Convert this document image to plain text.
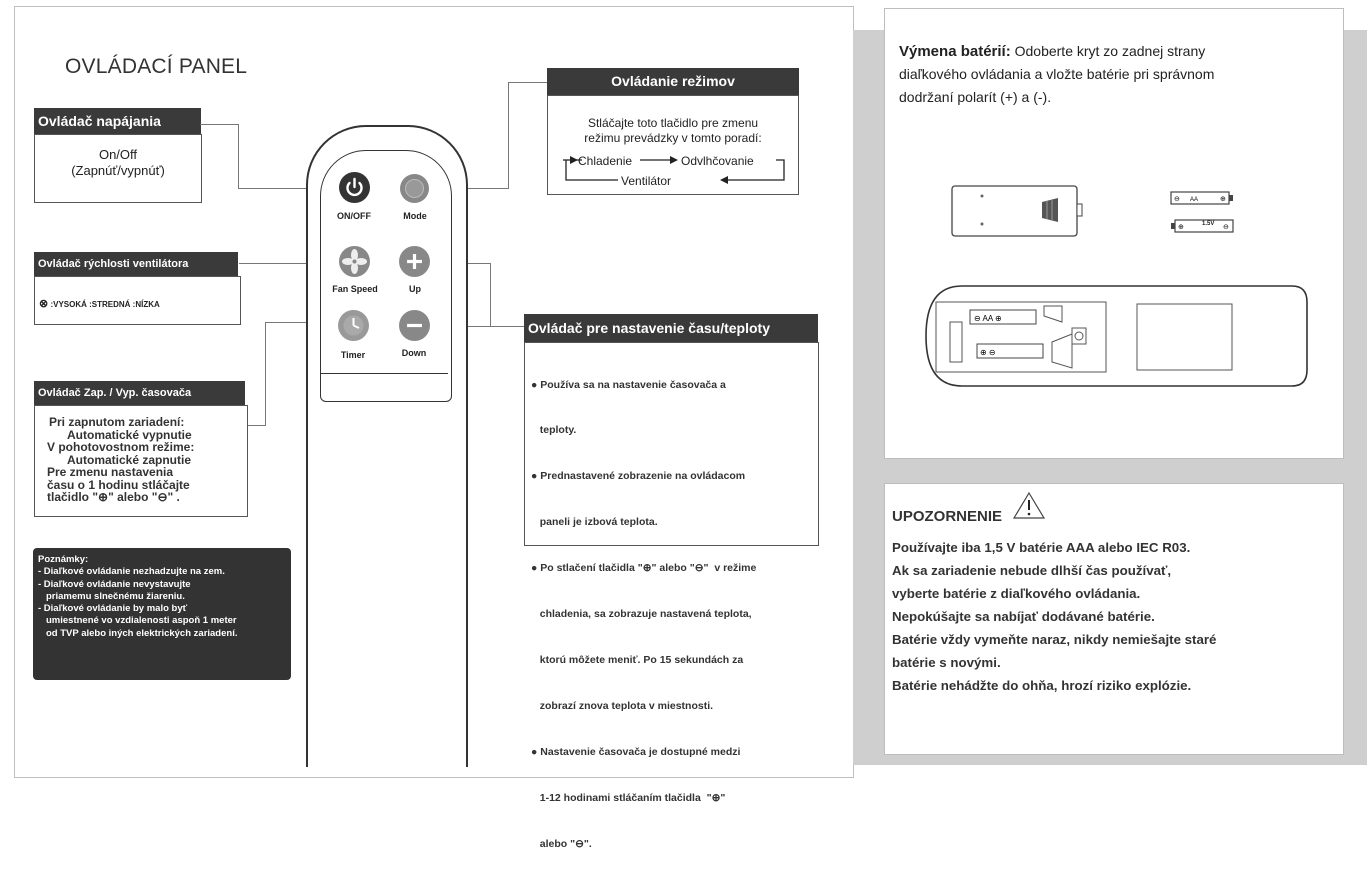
OVLÁDACÍ PANEL
Ovládač napájania
On/Off
(Zapnúť/vypnúť)
Ovládač rýchlosti ventilátora
⊗ :VYSOKÁ :STREDNÁ :NÍZKA
Ovládač Zap. / Vyp. časovača
Pri zapnutom zariadení:
Automatické vypnutie
V pohotovostnom režime:
Automatické zapnutie
Pre zmenu nastavenia
času o 1 hodinu stláčajte
tlačidlo "⊕" alebo "⊖" .
Poznámky:
- Diaľkové ovládanie nezhadzujte na zem.
- Diaľkové ovládanie nevystavujte
priamemu slnečnému žiareniu.
- Diaľkové ovládanie by malo byť
umiestnené vo vzdialenosti aspoň 1 meter
od TVP alebo iných elektrických zariadení.
Ovládanie režimov
Stláčajte toto tlačidlo pre zmenu
režimu prevádzky v tomto poradí:
Chladenie	Odvlhčovanie
Ventilátor
Ovládač pre nastavenie času/teploty

● Používa sa na nastavenie časovača a

teploty.

● Prednastavené zobrazenie na ovládacom

paneli je izbová teplota.

● Po stlačení tlačidla "⊕" alebo "⊖"  v režime

chladenia, sa zobrazuje nastavená teplota,

ktorú môžete meniť. Po 15 sekundách za

zobrazí znova teplota v miestnosti.

● Nastavenie časovača je dostupné medzi

1-12 hodinami stláčaním tlačidla  "⊕"

alebo "⊖".

ON/OFF	Mode
Fan Speed	Up
Timer	Down
Výmena batérií: Odoberte kryt zo zadnej strany
diaľkového ovládania a vložte batérie pri správnom
dodržaní polarít (+) a (-).
⊖ AA	⊕
⊕	⊖
1.5V
⊖ AA ⊕
⊕ ⊖
UPOZORNENIE
Používajte iba 1,5 V batérie AAA alebo IEC R03.
Ak sa zariadenie nebude dlhší čas používať,
vyberte batérie z diaľkového ovládania.
Nepokúšajte sa nabíjať dodávané batérie.
Batérie vždy vymeňte naraz, nikdy nemiešajte staré
batérie s novými.
Batérie nehádžte do ohňa, hrozí riziko explózie.
